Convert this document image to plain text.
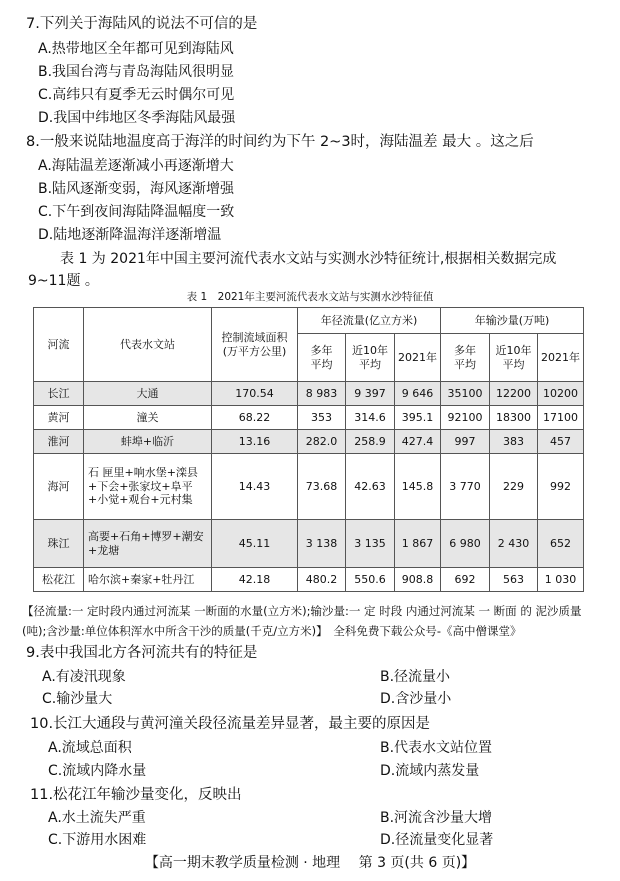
7.下列关于海陆风的说法不可信的是
A.热带地区全年都可见到海陆风
B.我国台湾与青岛海陆风很明显
C.高纬只有夏季无云时偶尔可见
D.我国中纬地区冬季海陆风最强
8.一般来说陆地温度高于海洋的时间约为下午 2~3时，海陆温差 最大 。这之后
A.海陆温差逐渐减小再逐渐增大
B.陆风逐渐变弱，海风逐渐增强
C.下午到夜间海陆降温幅度一致
D.陆地逐渐降温海洋逐渐增温
表 1 为 2021年中国主要河流代表水文站与实测水沙特征统计,根据相关数据完成
9~11题 。
表 1　2021年主要河流代表水文站与实测水沙特征值
河流	代表水文站	控制流域面积(万平方公里)	年径流量(亿立方米)			年输沙量(万吨)		
			多年平均	近10年平均	2021年	多年平均	近10年平均	2021年
长江	大通	170.54	8 983	9 397	9 646	35100	12200	10200
黄河	潼关	68.22	353	314.6	395.1	92100	18300	17100
淮河	蚌埠+临沂	13.16	282.0	258.9	427.4	997	383	457
海河	石 匣里+响水堡+滦县+下会+张家坟+阜平+小觉+观台+元村集	14.43	73.68	42.63	145.8	3 770	229	992
珠江	高要+石角+博罗+潮安+龙塘	45.11	3 138	3 135	1 867	6 980	2 430	652
松花江	哈尔滨+秦家+牡丹江	42.18	480.2	550.6	908.8	692	563	1 030
【径流量:一 定时段内通过河流某 一断面的水量(立方米);输沙量:一 定 时段 内通过河流某 一 断面 的 泥沙质量(吨);含沙量:单位体积浑水中所含干沙的质量(千克/立方米)】　全科免费下载公众号-《高中僧课堂》
9.表中我国北方各河流共有的特征是
A.有凌汛现象	B.径流量小
C.输沙量大	D.含沙量小
10.长江大通段与黄河潼关段径流量差异显著，最主要的原因是
A.流域总面积	B.代表水文站位置
C.流域内降水量	D.流域内蒸发量
11.松花江年输沙量变化，反映出
A.水土流失严重	B.河流含沙量大增
C.下游用水困难	D.径流量变化显著
【高一期末教学质量检测 · 地理　 第 3 页(共 6 页)】
